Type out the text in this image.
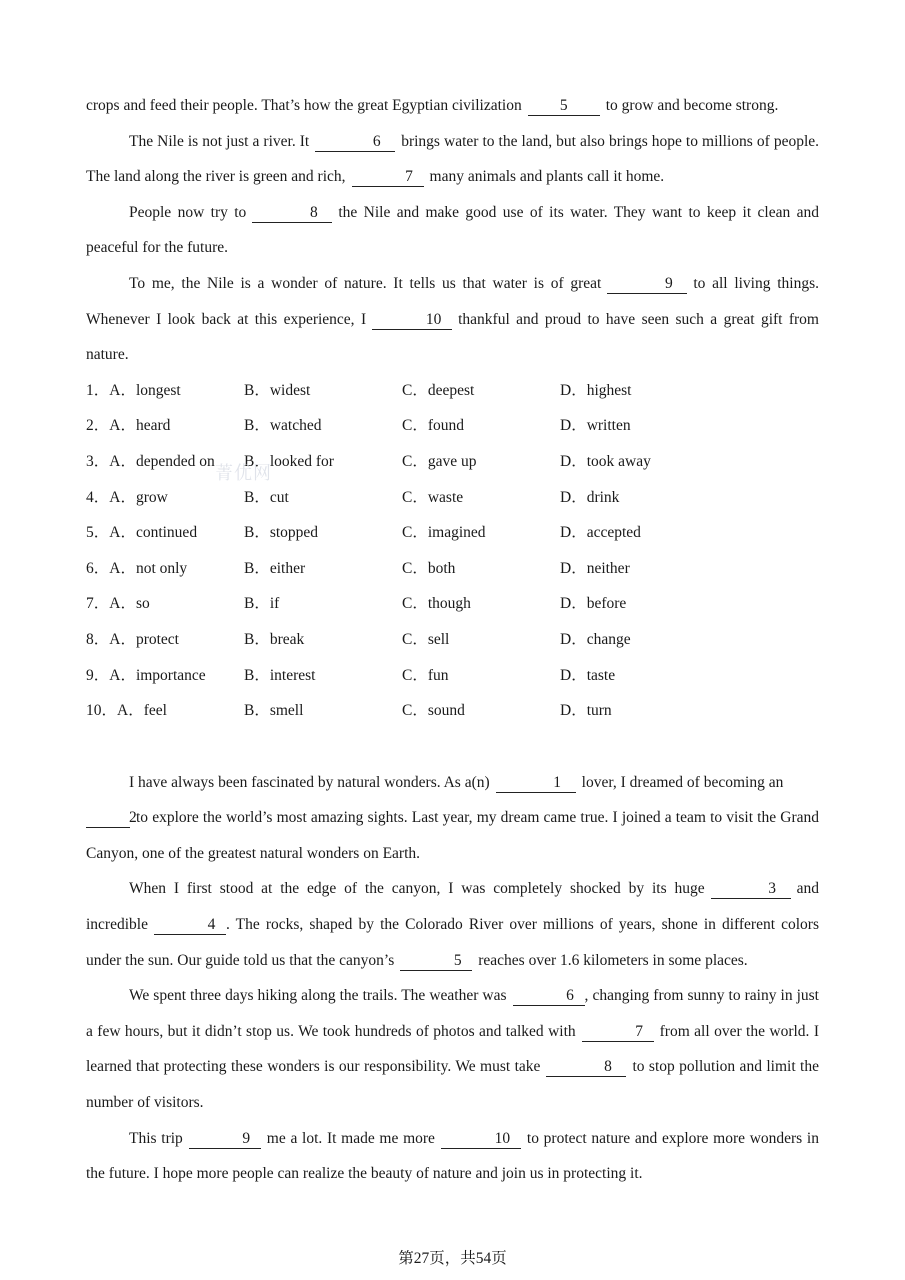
crops and feed their people. That’s how the great Egyptian civilization 5 to grow and become strong.

The Nile is not just a river. It	6 brings water to the land, but also brings hope to millions of people. The land along the river is green and rich,	7 many animals and plants call it home.

People now try to	8 the Nile and make good use of its water. They want to keep it clean and peaceful for the future.

To me, the Nile is a wonder of nature. It tells us that water is of great	9 to all living things. Whenever I look back at this experience, I	10 thankful and proud to have seen such a great gift from nature.

1．A．longest	B．widest	C．deepest	D．highest

2．A．heard	B．watched	C．found	D．written

3．A．depended on B．looked for	C．gave up	D．took away

4．A．grow	B．cut	C．waste	D．drink

5．A．continued	B．stopped	C．imagined	D．accepted

6．A．not only	B．either	C．both	D．neither

7．A．so	B．if	C．though	D．before

8．A．protect	B．break	C．sell	D．change

9．A．importance B．interest	C．fun	D．taste

10．A．feel	B．smell	C．sound	D．turn

I have always been fascinated by natural wonders. As a(n)	1 lover, I dreamed of becoming an
2to explore the world’s most amazing sights. Last year, my dream came true. I joined a team to visit the Grand Canyon, one of the greatest natural wonders on Earth.

When I first stood at the edge of the canyon, I was completely shocked by its huge	3 and incredible	4 . The rocks, shaped by the Colorado River over millions of years, shone in different colors under the sun. Our guide told us that the canyon’s	5 reaches over 1.6 kilometers in some places.

We spent three days hiking along the trails. The weather was	6 , changing from sunny to rainy in just a few hours, but it didn’t stop us. We took hundreds of photos and talked with	7 from all over the world. I learned that protecting these wonders is our responsibility. We must take	8 to stop pollution and limit the number of visitors.

This trip	9 me a lot. It made me more	10 to protect nature and explore more wonders in the future. I hope more people can realize the beauty of nature and join us in protecting it.

菁优网
第27页，共54页
